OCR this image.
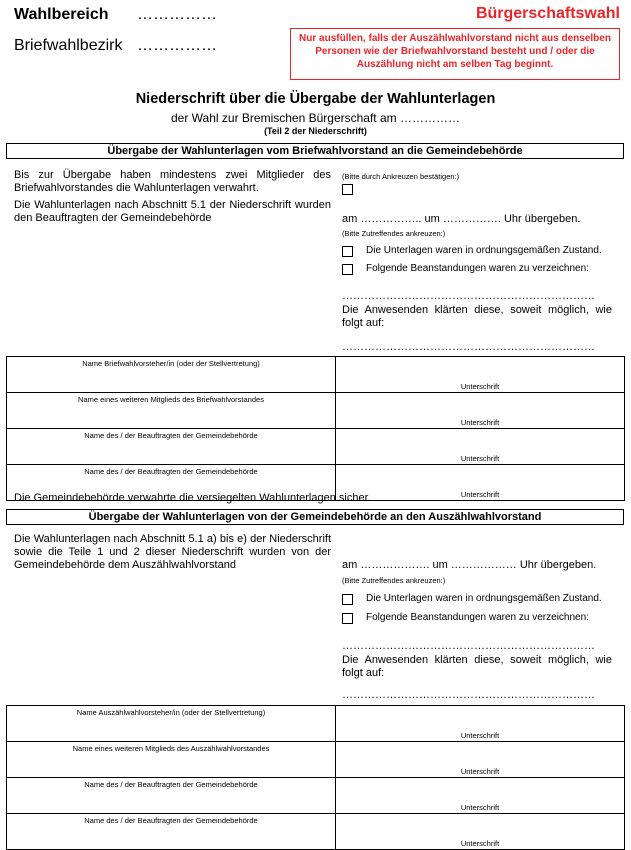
Wahlbereich ……………
Briefwahlbezirk ……………
Bürgerschaftswahl
Nur ausfüllen, falls der Auszählwahlvorstand nicht aus denselben Personen wie der Briefwahlvorstand besteht und / oder die Auszählung nicht am selben Tag beginnt.
Niederschrift über die Übergabe der Wahlunterlagen
der Wahl zur Bremischen Bürgerschaft am ……………
(Teil 2 der Niederschrift)
Übergabe der Wahlunterlagen vom Briefwahlvorstand an die Gemeindebehörde
Bis zur Übergabe haben mindestens zwei Mitglieder des Briefwahlvorstandes die Wahlunterlagen verwahrt.
(Bitte durch Ankreuzen bestätigen:)
Die Wahlunterlagen nach Abschnitt 5.1 der Niederschrift wurden den Beauftragten der Gemeindebehörde	am …………….. um ……………. Uhr übergeben.
(Bitte Zutreffendes ankreuzen:)
Die Unterlagen waren in ordnungsgemäßen Zustand.
Folgende Beanstandungen waren zu verzeichnen:
……………………………………………………………
Die Anwesenden klärten diese, soweit möglich, wie folgt auf:
……………………………………………………………
Name Briefwahlvorsteher/in (oder der Stellvertretung)	Unterschrift

Name eines weiteren Mitglieds des Briefwahlvorstandes	Unterschrift

Name des / der Beauftragten der Gemeindebehörde	Unterschrift

Name des / der Beauftragten der Gemeindebehörde	Unterschrift
Die Gemeindebehörde verwahrte die versiegelten Wahlunterlagen sicher.
Übergabe der Wahlunterlagen von der Gemeindebehörde an den Auszählwahlvorstand
Die Wahlunterlagen nach Abschnitt 5.1 a) bis e) der Niederschrift sowie die Teile 1 und 2 dieser Niederschrift wurden von der Gemeindebehörde dem Auszählwahlvorstand	am ………………. um ……………… Uhr übergeben.
(Bitte Zutreffendes ankreuzen:)
Die Unterlagen waren in ordnungsgemäßen Zustand.
Folgende Beanstandungen waren zu verzeichnen:
……………………………………………………………
Die Anwesenden klärten diese, soweit möglich, wie folgt auf:
……………………………………………………………
Name Auszählwahlvorsteher/in (oder der Stellvertretung)	Unterschrift

Name eines weiteren Mitglieds des Auszählwahlvorstandes	Unterschrift

Name des / der Beauftragten der Gemeindebehörde	Unterschrift

Name des / der Beauftragten der Gemeindebehörde	Unterschrift
